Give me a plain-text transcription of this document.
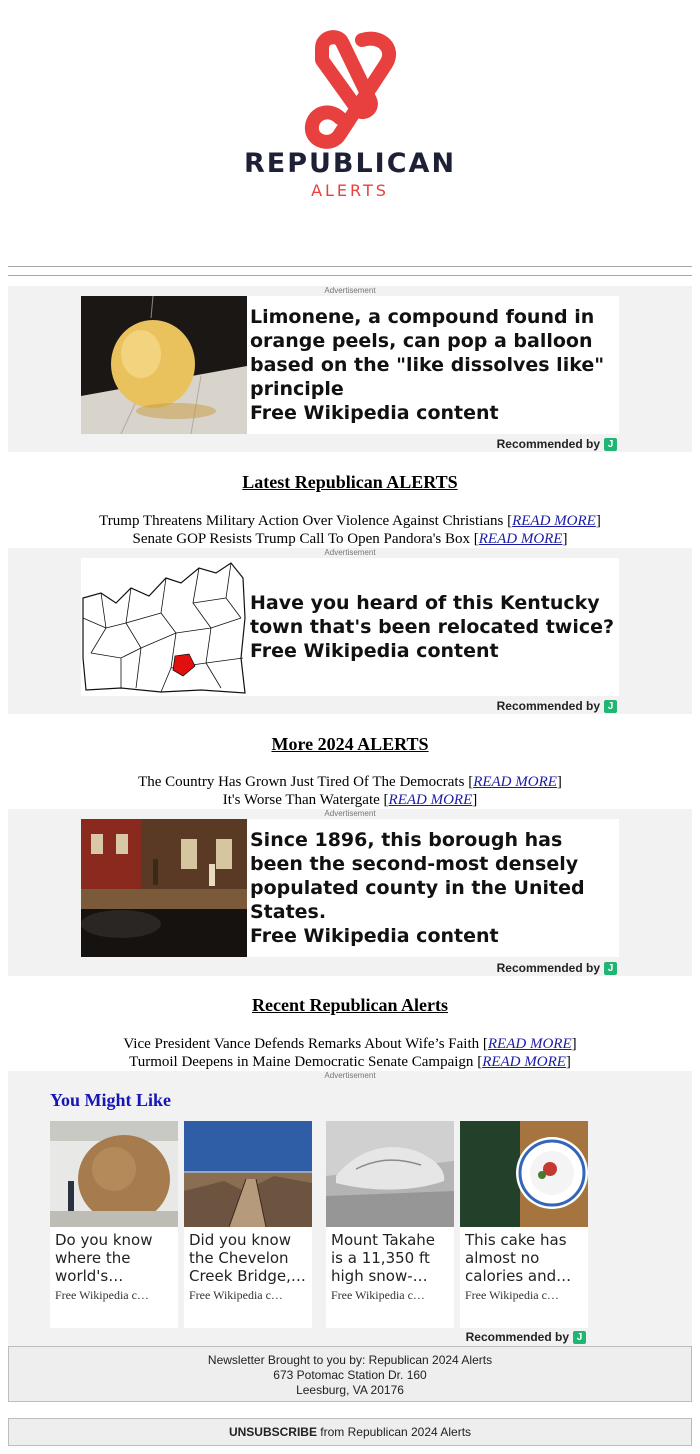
REPUBLICAN
ALERTS
Advertisement
Limonene, a compound found in orange peels, can pop a balloon based on the "like dissolves like" principle
Free Wikipedia content
Recommended by J
Latest Republican ALERTS
Trump Threatens Military Action Over Violence Against Christians [READ MORE]
Senate GOP Resists Trump Call To Open Pandora's Box [READ MORE]
Advertisement
Have you heard of this Kentucky town that's been relocated twice?
Free Wikipedia content
Recommended by J
More 2024 ALERTS
The Country Has Grown Just Tired Of The Democrats [READ MORE]
It's Worse Than Watergate [READ MORE]
Advertisement
Since 1896, this borough has been the second-most densely populated county in the United States.
Free Wikipedia content
Recommended by J
Recent Republican Alerts
Vice President Vance Defends Remarks About Wife’s Faith [READ MORE]
Turmoil Deepens in Maine Democratic Senate Campaign [READ MORE]
Advertisement
You Might Like
Do you know where the world's
Free Wikipedia c…
Did you know the Chevelon Creek Bridge,…
Free Wikipedia c…
Mount Takahe is a 11,350 ft high snow-
Free Wikipedia c…
This cake has almost no calories and
Free Wikipedia c…
Recommended by J
Newsletter Brought to you by: Republican 2024 Alerts
673 Potomac Station Dr. 160
Leesburg, VA 20176
UNSUBSCRIBE from Republican 2024 Alerts
